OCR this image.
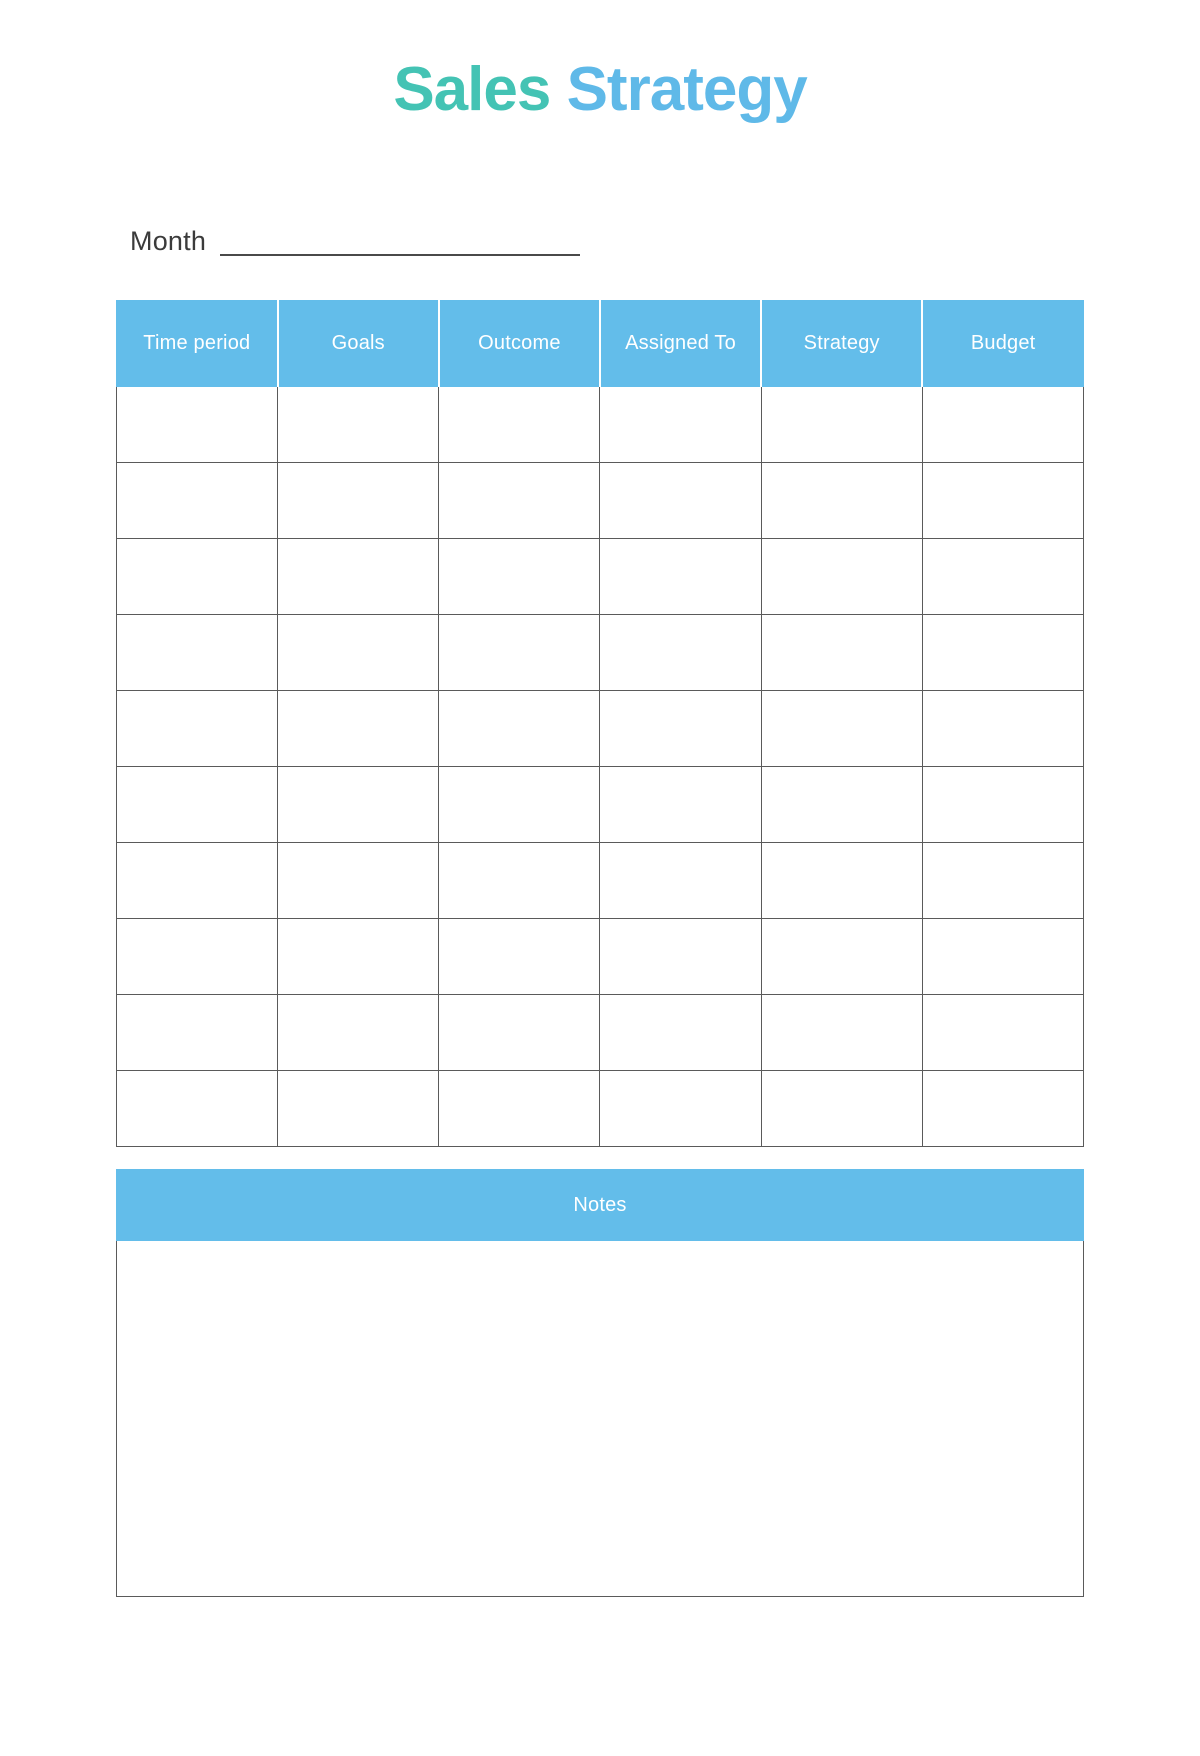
Sales Strategy
Month
Time period	Goals	Outcome	Assigned To	Strategy	Budget

Notes
